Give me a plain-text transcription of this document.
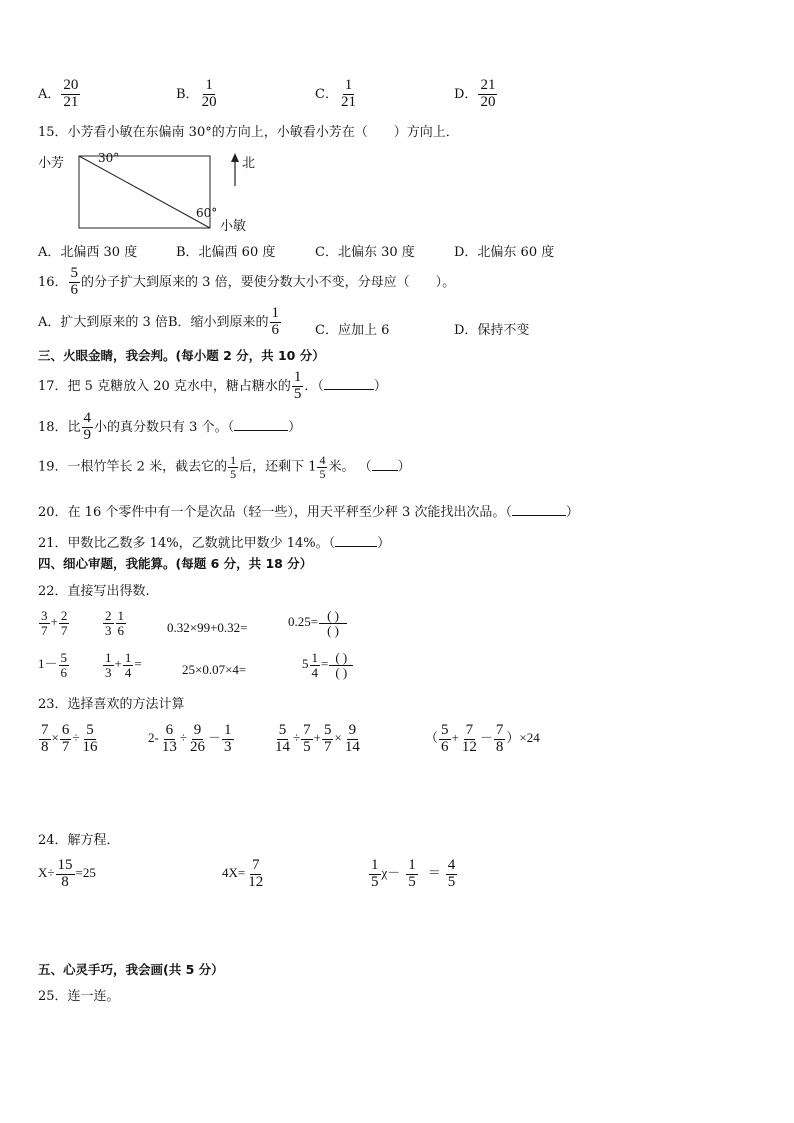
A． $\frac{20}{21}$	B． $\frac{1}{20}$	C． $\frac{1}{21}$	D． $\frac{21}{20}$
15．小芳看小敏在东偏南 30°的方向上，小敏看小芳在（　　）方向上．
小芳	30°
60°
小敏
北
A．北偏西 30 度	B．北偏西 60 度	C．北偏东 30 度	D．北偏东 60 度
16． $\frac{5}{6}$ 的分子扩大到原来的 3 倍，要使分数大小不变，分母应（　　）。
A．扩大到原来的 3 倍B．缩小到原来的 $\frac{1}{6}$	C．应加上 6	D．保持不变
三、火眼金睛，我会判。(每小题 2 分，共 10 分）
17．把 5 克糖放入 20 克水中，糖占糖水的 $\frac{1}{5}$ ．（	）
18．比 $\frac{4}{9}$ 小的真分数只有 3 个。（	）
19．一根竹竿长 2 米，截去它的 $\frac{1}{5}$ 后，还剩下 $1 \frac{4}{5}$ 米。 （ ）
20．在 16 个零件中有一个是次品（轻一些），用天平秤至少秤 3 次能找出次品。（	）
21．甲数比乙数多 14%，乙数就比甲数少 14%。（	）
四、细心审题，我能算。(每题 6 分，共 18 分）
22．直接写出得数.
$\frac{3}{7} + \frac{2}{7}$	$\frac{2}{3} \frac{1}{6}$	0.32×99+0.32=	$0.25= \frac{( )}{( )}$
$1- \frac{5}{6}$	$\frac{1}{3} + \frac{1}{4}$ =	25×0.07×4=	$5 \frac{1}{4} = \frac{( )}{( )}$
23．选择喜欢的方法计算
$\frac{7}{8} \times \frac{6}{7} \div \frac{5}{16}$	$2- \frac{6}{13} \div \frac{9}{26} - \frac{1}{3}$	$\frac{5}{14} \div \frac{7}{5} + \frac{5}{7} \times \frac{9}{14}$	（ $\frac{5}{6} + \frac{7}{12} - \frac{7}{8} )\times 24$
24．解方程．
$X\div \frac{15}{8} =25$	$4X= \frac{7}{12}$	$\frac{1}{5} \chi- \frac{1}{5} = \frac{4}{5}$
五、心灵手巧，我会画(共 5 分）
25．连一连。
